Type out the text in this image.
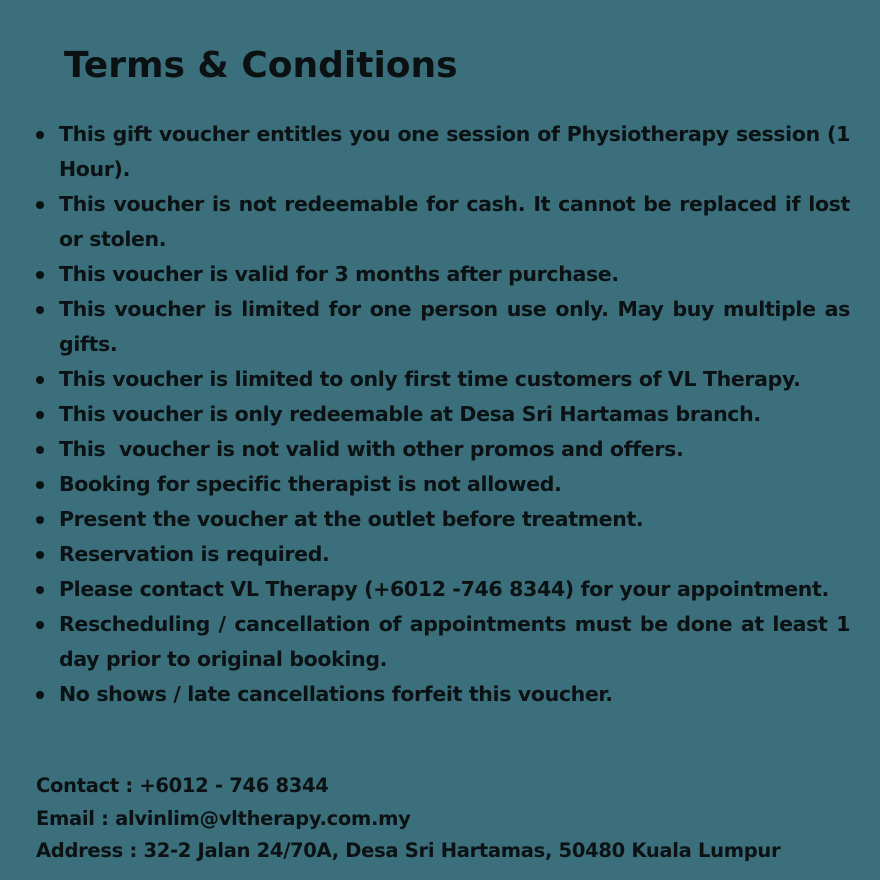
Terms & Conditions
This gift voucher entitles you one session of Physiotherapy session (1 Hour).
This voucher is not redeemable for cash. It cannot be replaced if lost or stolen.
This voucher is valid for 3 months after purchase.
This voucher is limited for one person use only. May buy multiple as gifts.
This voucher is limited to only first time customers of VL Therapy.
This voucher is only redeemable at Desa Sri Hartamas branch.
This  voucher is not valid with other promos and offers.
Booking for specific therapist is not allowed.
Present the voucher at the outlet before treatment.
Reservation is required.
Please contact VL Therapy (+6012 -746 8344) for your appointment.
Rescheduling / cancellation of appointments must be done at least 1 day prior to original booking.
No shows / late cancellations forfeit this voucher.
Contact : +6012 - 746 8344
Email : alvinlim@vltherapy.com.my
Address : 32-2 Jalan 24/70A, Desa Sri Hartamas, 50480 Kuala Lumpur
